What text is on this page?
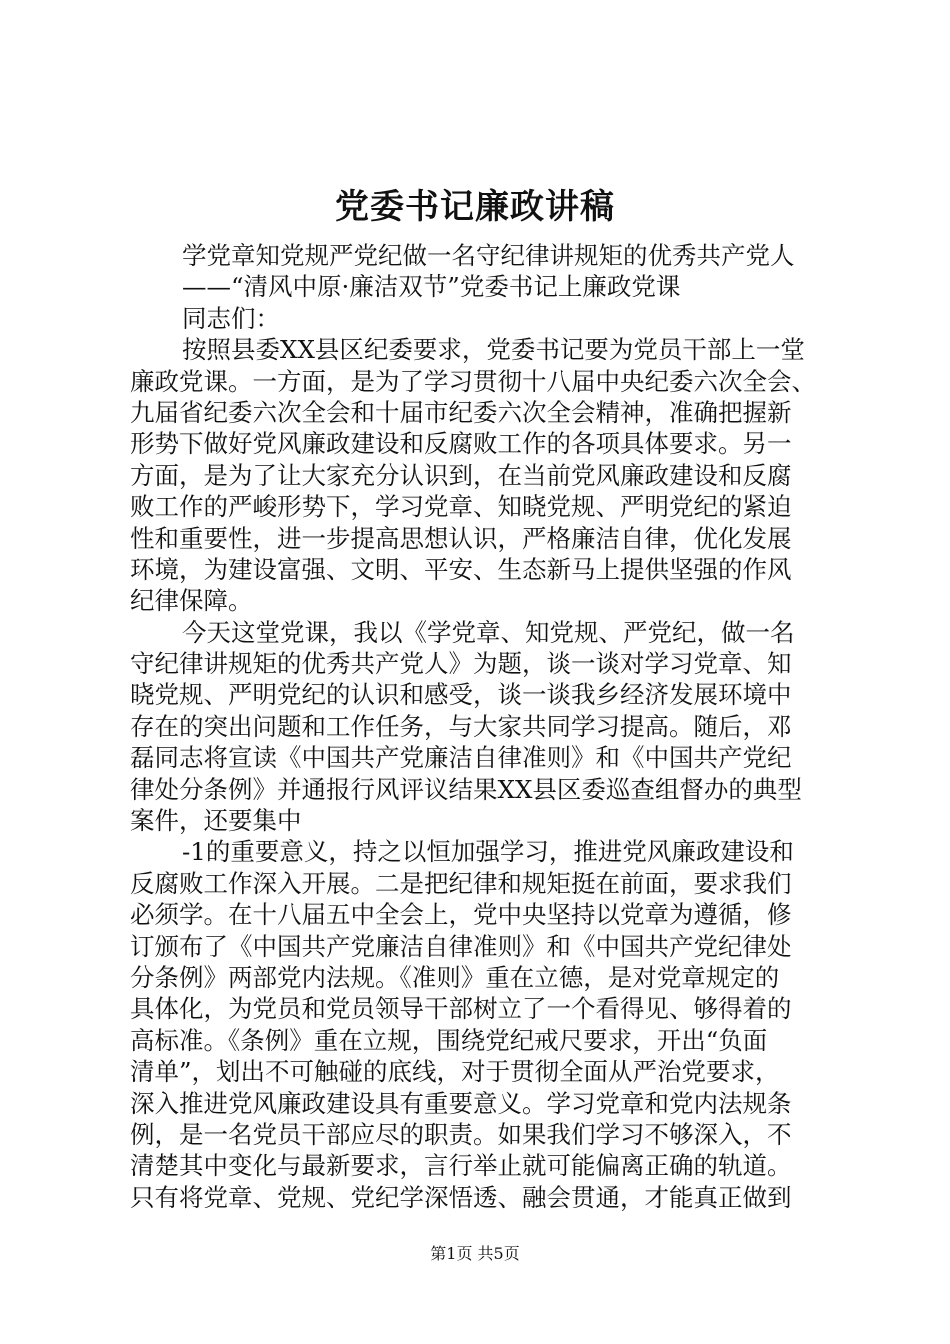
党委书记廉政讲稿
学党章知党规严党纪做一名守纪律讲规矩的优秀共产党人
——“清风中原·廉洁双节”党委书记上廉政党课
同志们：
按照县委XX县区纪委要求，党委书记要为党员干部上一堂
廉政党课。一方面，是为了学习贯彻十八届中央纪委六次全会、
九届省纪委六次全会和十届市纪委六次全会精神，准确把握新
形势下做好党风廉政建设和反腐败工作的各项具体要求。另一
方面，是为了让大家充分认识到，在当前党风廉政建设和反腐
败工作的严峻形势下，学习党章、知晓党规、严明党纪的紧迫
性和重要性，进一步提高思想认识，严格廉洁自律，优化发展
环境，为建设富强、文明、平安、生态新马上提供坚强的作风
纪律保障。
今天这堂党课，我以《学党章、知党规、严党纪，做一名
守纪律讲规矩的优秀共产党人》为题，谈一谈对学习党章、知
晓党规、严明党纪的认识和感受，谈一谈我乡经济发展环境中
存在的突出问题和工作任务，与大家共同学习提高。随后，邓
磊同志将宣读《中国共产党廉洁自律准则》和《中国共产党纪
律处分条例》并通报行风评议结果XX县区委巡查组督办的典型
案件，还要集中
-1的重要意义，持之以恒加强学习，推进党风廉政建设和
反腐败工作深入开展。二是把纪律和规矩挺在前面，要求我们
必须学。在十八届五中全会上，党中央坚持以党章为遵循，修
订颁布了《中国共产党廉洁自律准则》和《中国共产党纪律处
分条例》两部党内法规。《准则》重在立德，是对党章规定的
具体化，为党员和党员领导干部树立了一个看得见、够得着的
高标准。《条例》重在立规，围绕党纪戒尺要求，开出“负面
清单”，划出不可触碰的底线，对于贯彻全面从严治党要求，
深入推进党风廉政建设具有重要意义。学习党章和党内法规条
例，是一名党员干部应尽的职责。如果我们学习不够深入，不
清楚其中变化与最新要求，言行举止就可能偏离正确的轨道。
只有将党章、党规、党纪学深悟透、融会贯通，才能真正做到
第1页 共5页
